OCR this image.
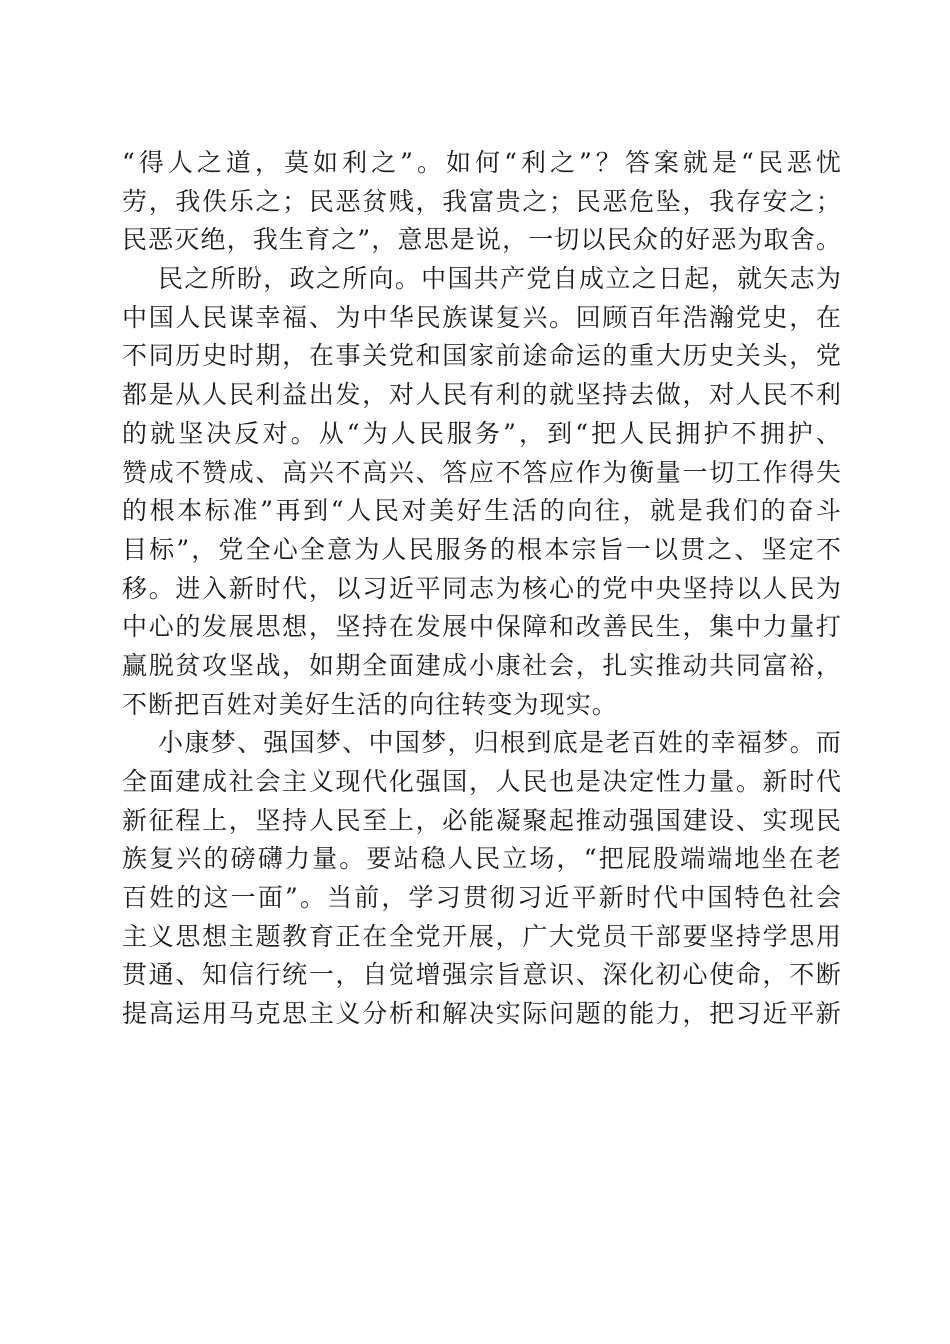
“得人之道，莫如利之”。如何“利之”？答案就是“民恶忧
劳，我佚乐之；民恶贫贱，我富贵之；民恶危坠，我存安之；
民恶灭绝，我生育之”，意思是说，一切以民众的好恶为取舍。
民之所盼，政之所向。中国共产党自成立之日起，就矢志为
中国人民谋幸福、为中华民族谋复兴。回顾百年浩瀚党史，在
不同历史时期，在事关党和国家前途命运的重大历史关头，党
都是从人民利益出发，对人民有利的就坚持去做，对人民不利
的就坚决反对。从“为人民服务”，到“把人民拥护不拥护、
赞成不赞成、高兴不高兴、答应不答应作为衡量一切工作得失
的根本标准”再到“人民对美好生活的向往，就是我们的奋斗
目标”，党全心全意为人民服务的根本宗旨一以贯之、坚定不
移。进入新时代，以习近平同志为核心的党中央坚持以人民为
中心的发展思想，坚持在发展中保障和改善民生，集中力量打
赢脱贫攻坚战，如期全面建成小康社会，扎实推动共同富裕，
不断把百姓对美好生活的向往转变为现实。
小康梦、强国梦、中国梦，归根到底是老百姓的幸福梦。而
全面建成社会主义现代化强国，人民也是决定性力量。新时代
新征程上，坚持人民至上，必能凝聚起推动强国建设、实现民
族复兴的磅礴力量。要站稳人民立场，“把屁股端端地坐在老
百姓的这一面”。当前，学习贯彻习近平新时代中国特色社会
主义思想主题教育正在全党开展，广大党员干部要坚持学思用
贯通、知信行统一，自觉增强宗旨意识、深化初心使命，不断
提高运用马克思主义分析和解决实际问题的能力，把习近平新
